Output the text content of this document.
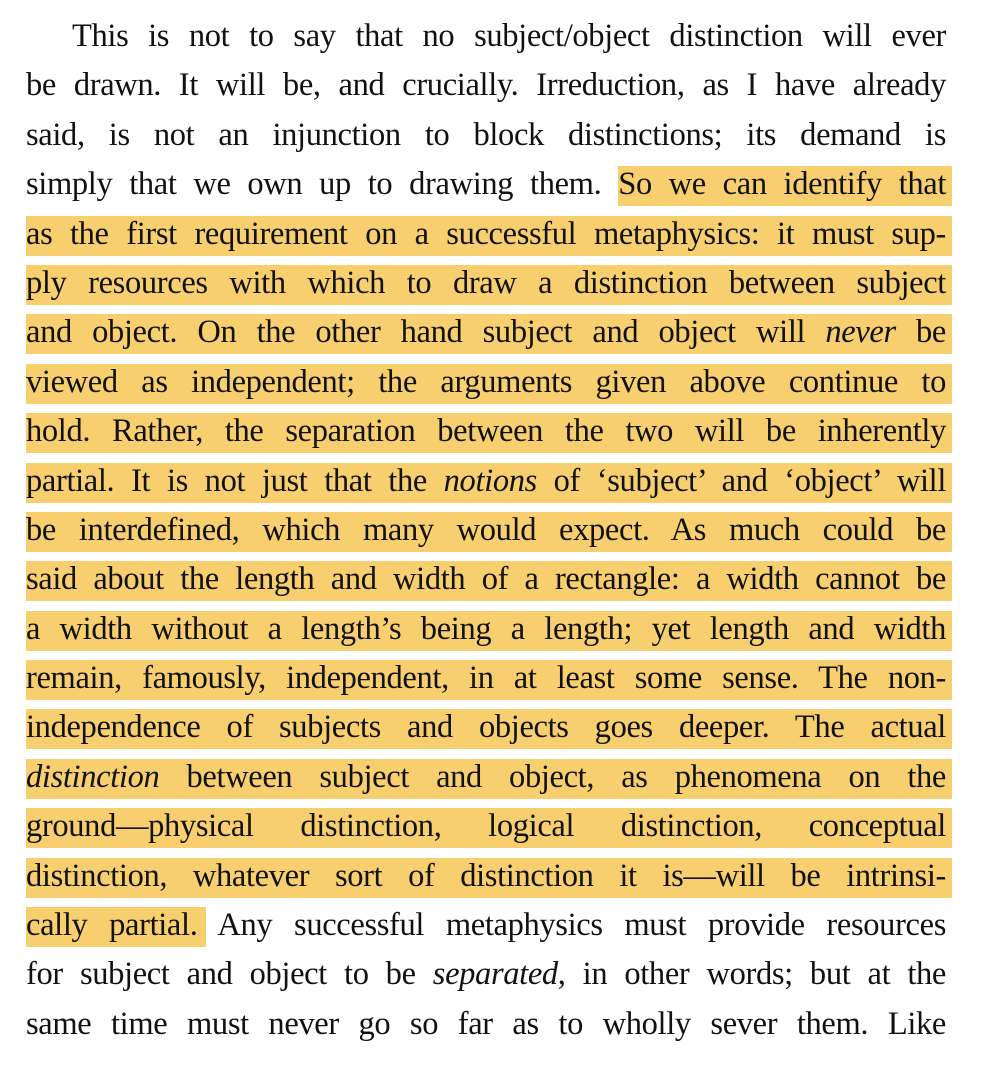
This is not to say that no subject/object distinction will ever
be drawn. It will be, and crucially. Irreduction, as I have already
said, is not an injunction to block distinctions; its demand is
simply that we own up to drawing them. So we can identify that
as the first requirement on a successful metaphysics: it must sup-
ply resources with which to draw a distinction between subject
and object. On the other hand subject and object will never be
viewed as independent; the arguments given above continue to
hold. Rather, the separation between the two will be inherently
partial. It is not just that the notions of ‘subject’ and ‘object’ will
be interdefined, which many would expect. As much could be
said about the length and width of a rectangle: a width cannot be
a width without a length’s being a length; yet length and width
remain, famously, independent, in at least some sense. The non-
independence of subjects and objects goes deeper. The actual
distinction between subject and object, as phenomena on the
ground—physical distinction, logical distinction, conceptual
distinction, whatever sort of distinction it is—will be intrinsi-
cally partial. Any successful metaphysics must provide resources
for subject and object to be separated, in other words; but at the
same time must never go so far as to wholly sever them. Like
